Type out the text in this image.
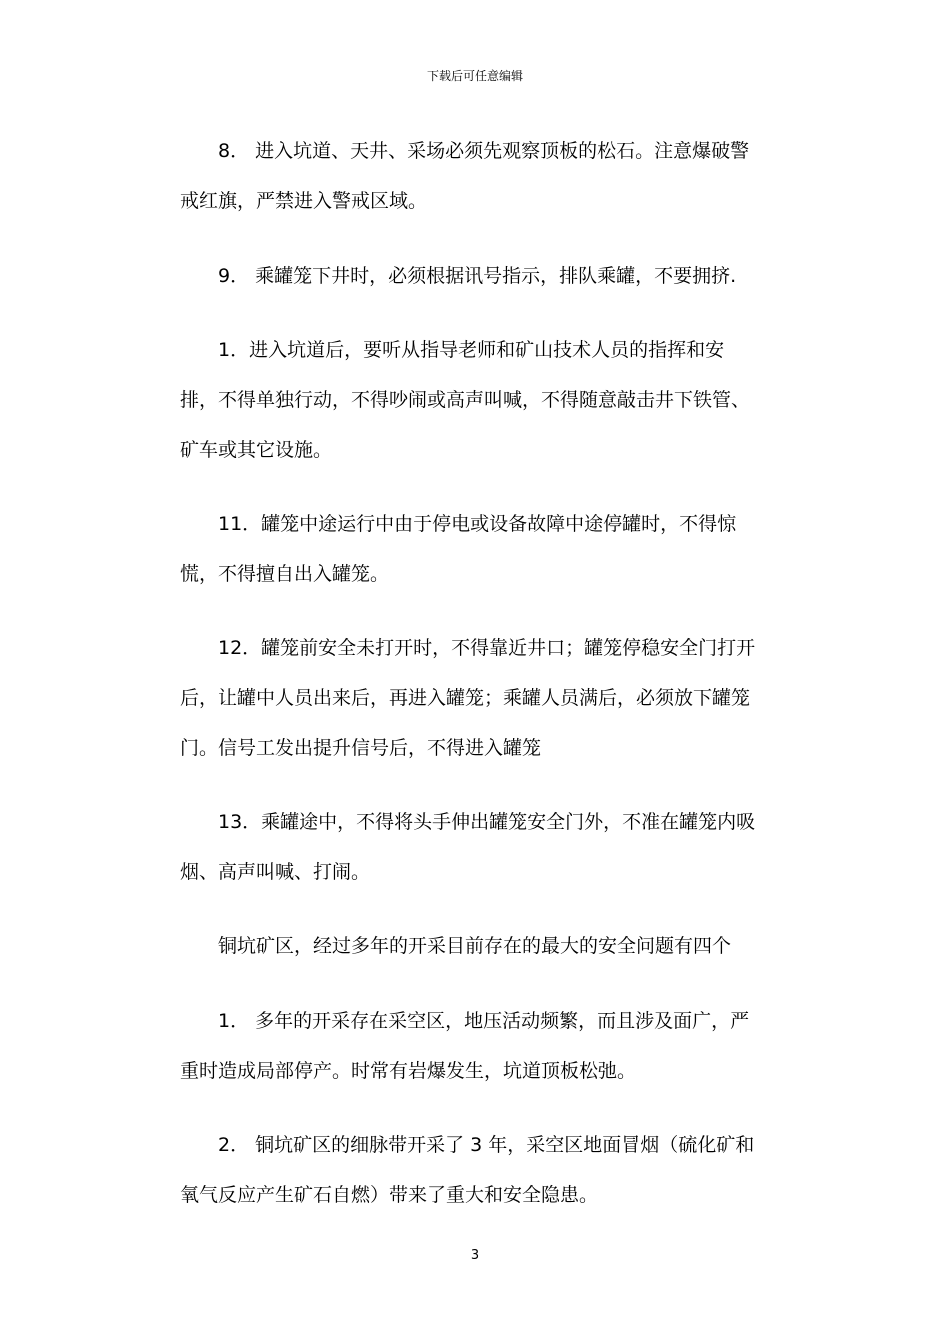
下载后可任意编辑
8． 进入坑道、天井、采场必须先观察顶板的松石。注意爆破警戒红旗，严禁进入警戒区域。
9． 乘罐笼下井时，必须根据讯号指示，排队乘罐，不要拥挤.
1．进入坑道后，要听从指导老师和矿山技术人员的指挥和安排，不得单独行动，不得吵闹或高声叫喊，不得随意敲击井下铁管、矿车或其它设施。
11．罐笼中途运行中由于停电或设备故障中途停罐时，不得惊慌，不得擅自出入罐笼。
12．罐笼前安全未打开时，不得靠近井口；罐笼停稳安全门打开后，让罐中人员出来后，再进入罐笼；乘罐人员满后，必须放下罐笼门。信号工发出提升信号后，不得进入罐笼
13．乘罐途中，不得将头手伸出罐笼安全门外，不准在罐笼内吸烟、高声叫喊、打闹。
铜坑矿区，经过多年的开采目前存在的最大的安全问题有四个
1． 多年的开采存在采空区，地压活动频繁，而且涉及面广，严重时造成局部停产。时常有岩爆发生，坑道顶板松弛。
2． 铜坑矿区的细脉带开采了 3 年，采空区地面冒烟（硫化矿和氧气反应产生矿石自燃）带来了重大和安全隐患。
3
